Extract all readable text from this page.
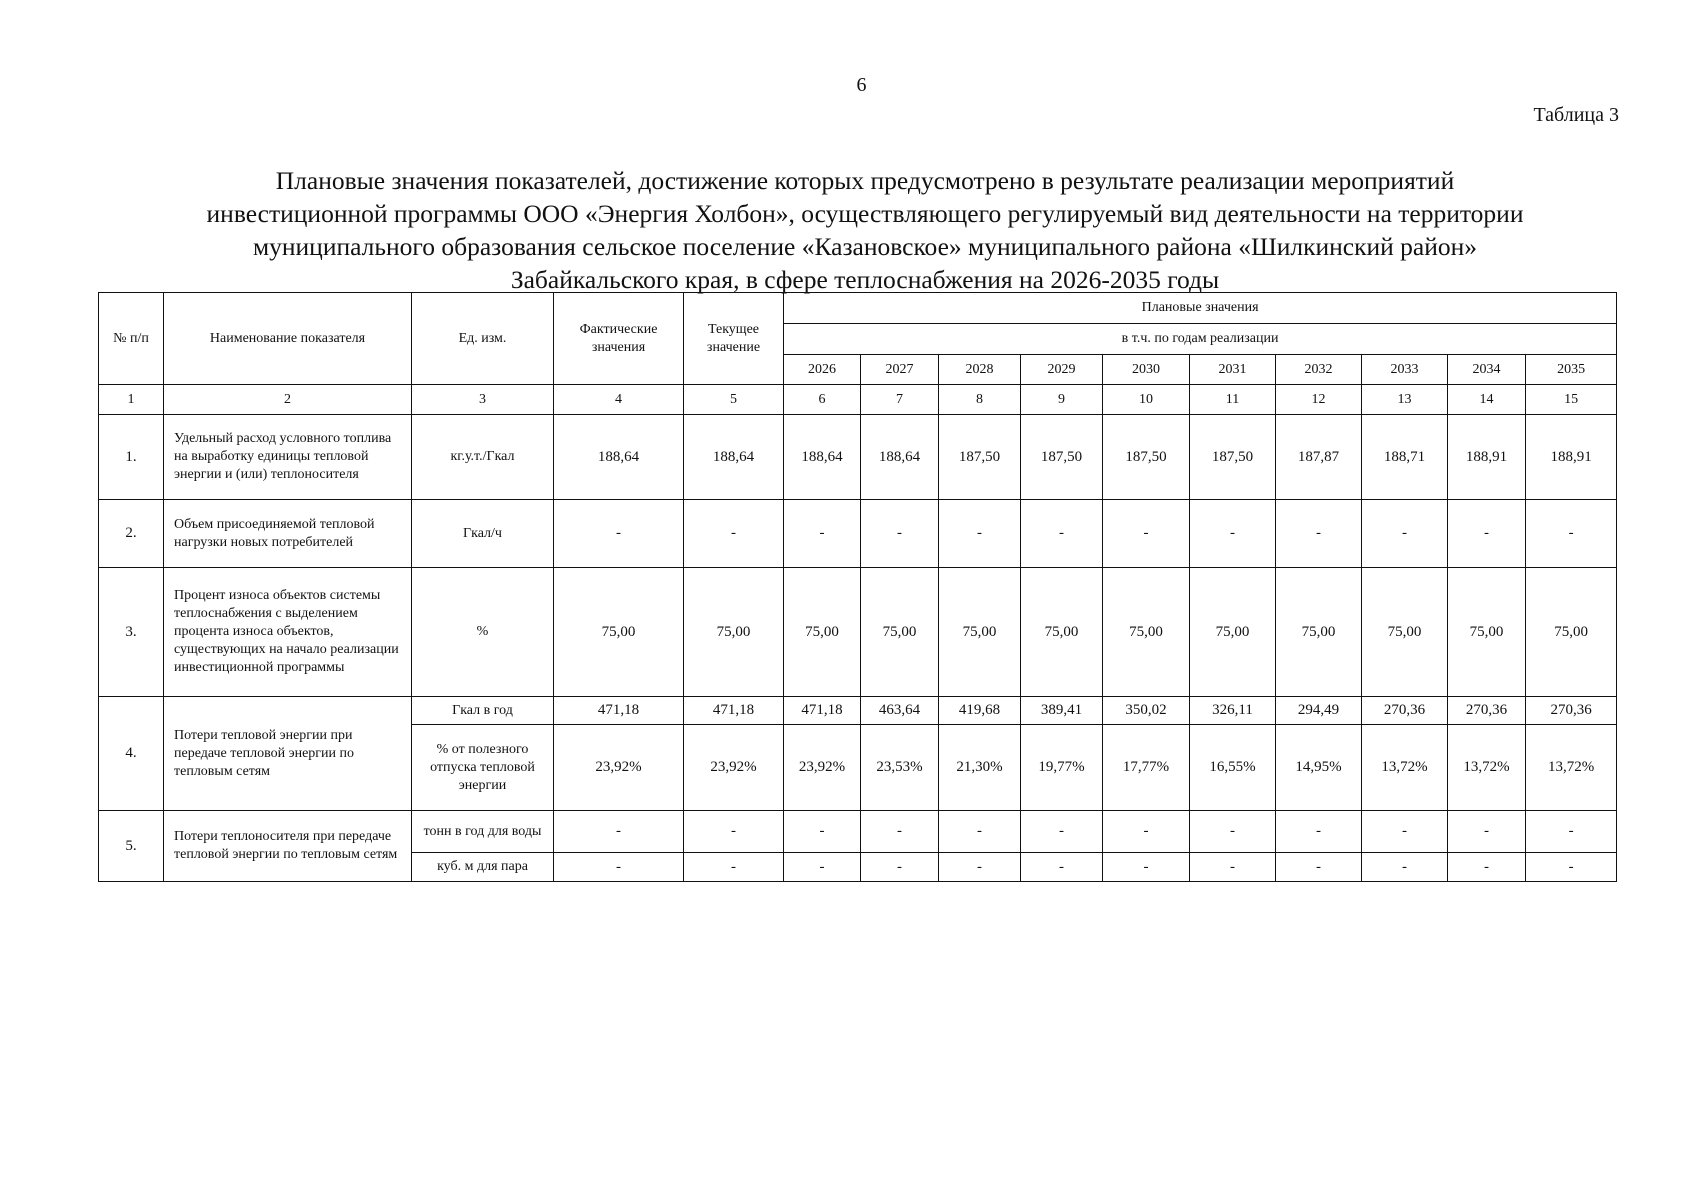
6
Таблица 3
Плановые значения показателей, достижение которых предусмотрено в результате реализации мероприятий
инвестиционной программы ООО «Энергия Холбон», осуществляющего регулируемый вид деятельности на территории
муниципального образования сельское поселение «Казановское» муниципального района «Шилкинский район»
Забайкальского края, в сфере теплоснабжения на 2026-2035 годы
№ п/п	Наименование показателя	Ед. изм.	Фактические значения	Текущее значение	Плановые значения									
					в т.ч. по годам реализации									
					2026	2027	2028	2029	2030	2031	2032	2033	2034	2035
1	2	3	4	5	6	7	8	9	10	11	12	13	14	15
1.	Удельный расход условного топлива на выработку единицы тепловой энергии и (или) теплоносителя	кг.у.т./Гкал	188,64	188,64	188,64	188,64	187,50	187,50	187,50	187,50	187,87	188,71	188,91	188,91
2.	Объем присоединяемой тепловой нагрузки новых потребителей	Гкал/ч	-	-	-	-	-	-	-	-	-	-	-	-
3.	Процент износа объектов системы теплоснабжения с выделением процента износа объектов, существующих на начало реализации инвестиционной программы	%	75,00	75,00	75,00	75,00	75,00	75,00	75,00	75,00	75,00	75,00	75,00	75,00
4.	Потери тепловой энергии при передаче тепловой энергии по тепловым сетям	Гкал в год	471,18	471,18	471,18	463,64	419,68	389,41	350,02	326,11	294,49	270,36	270,36	270,36
		% от полезного отпуска тепловой энергии	23,92%	23,92%	23,92%	23,53%	21,30%	19,77%	17,77%	16,55%	14,95%	13,72%	13,72%	13,72%
5.	Потери теплоносителя при передаче тепловой энергии по тепловым сетям	тонн в год для воды	-	-	-	-	-	-	-	-	-	-	-	-
		куб. м для пара	-	-	-	-	-	-	-	-	-	-	-	-
